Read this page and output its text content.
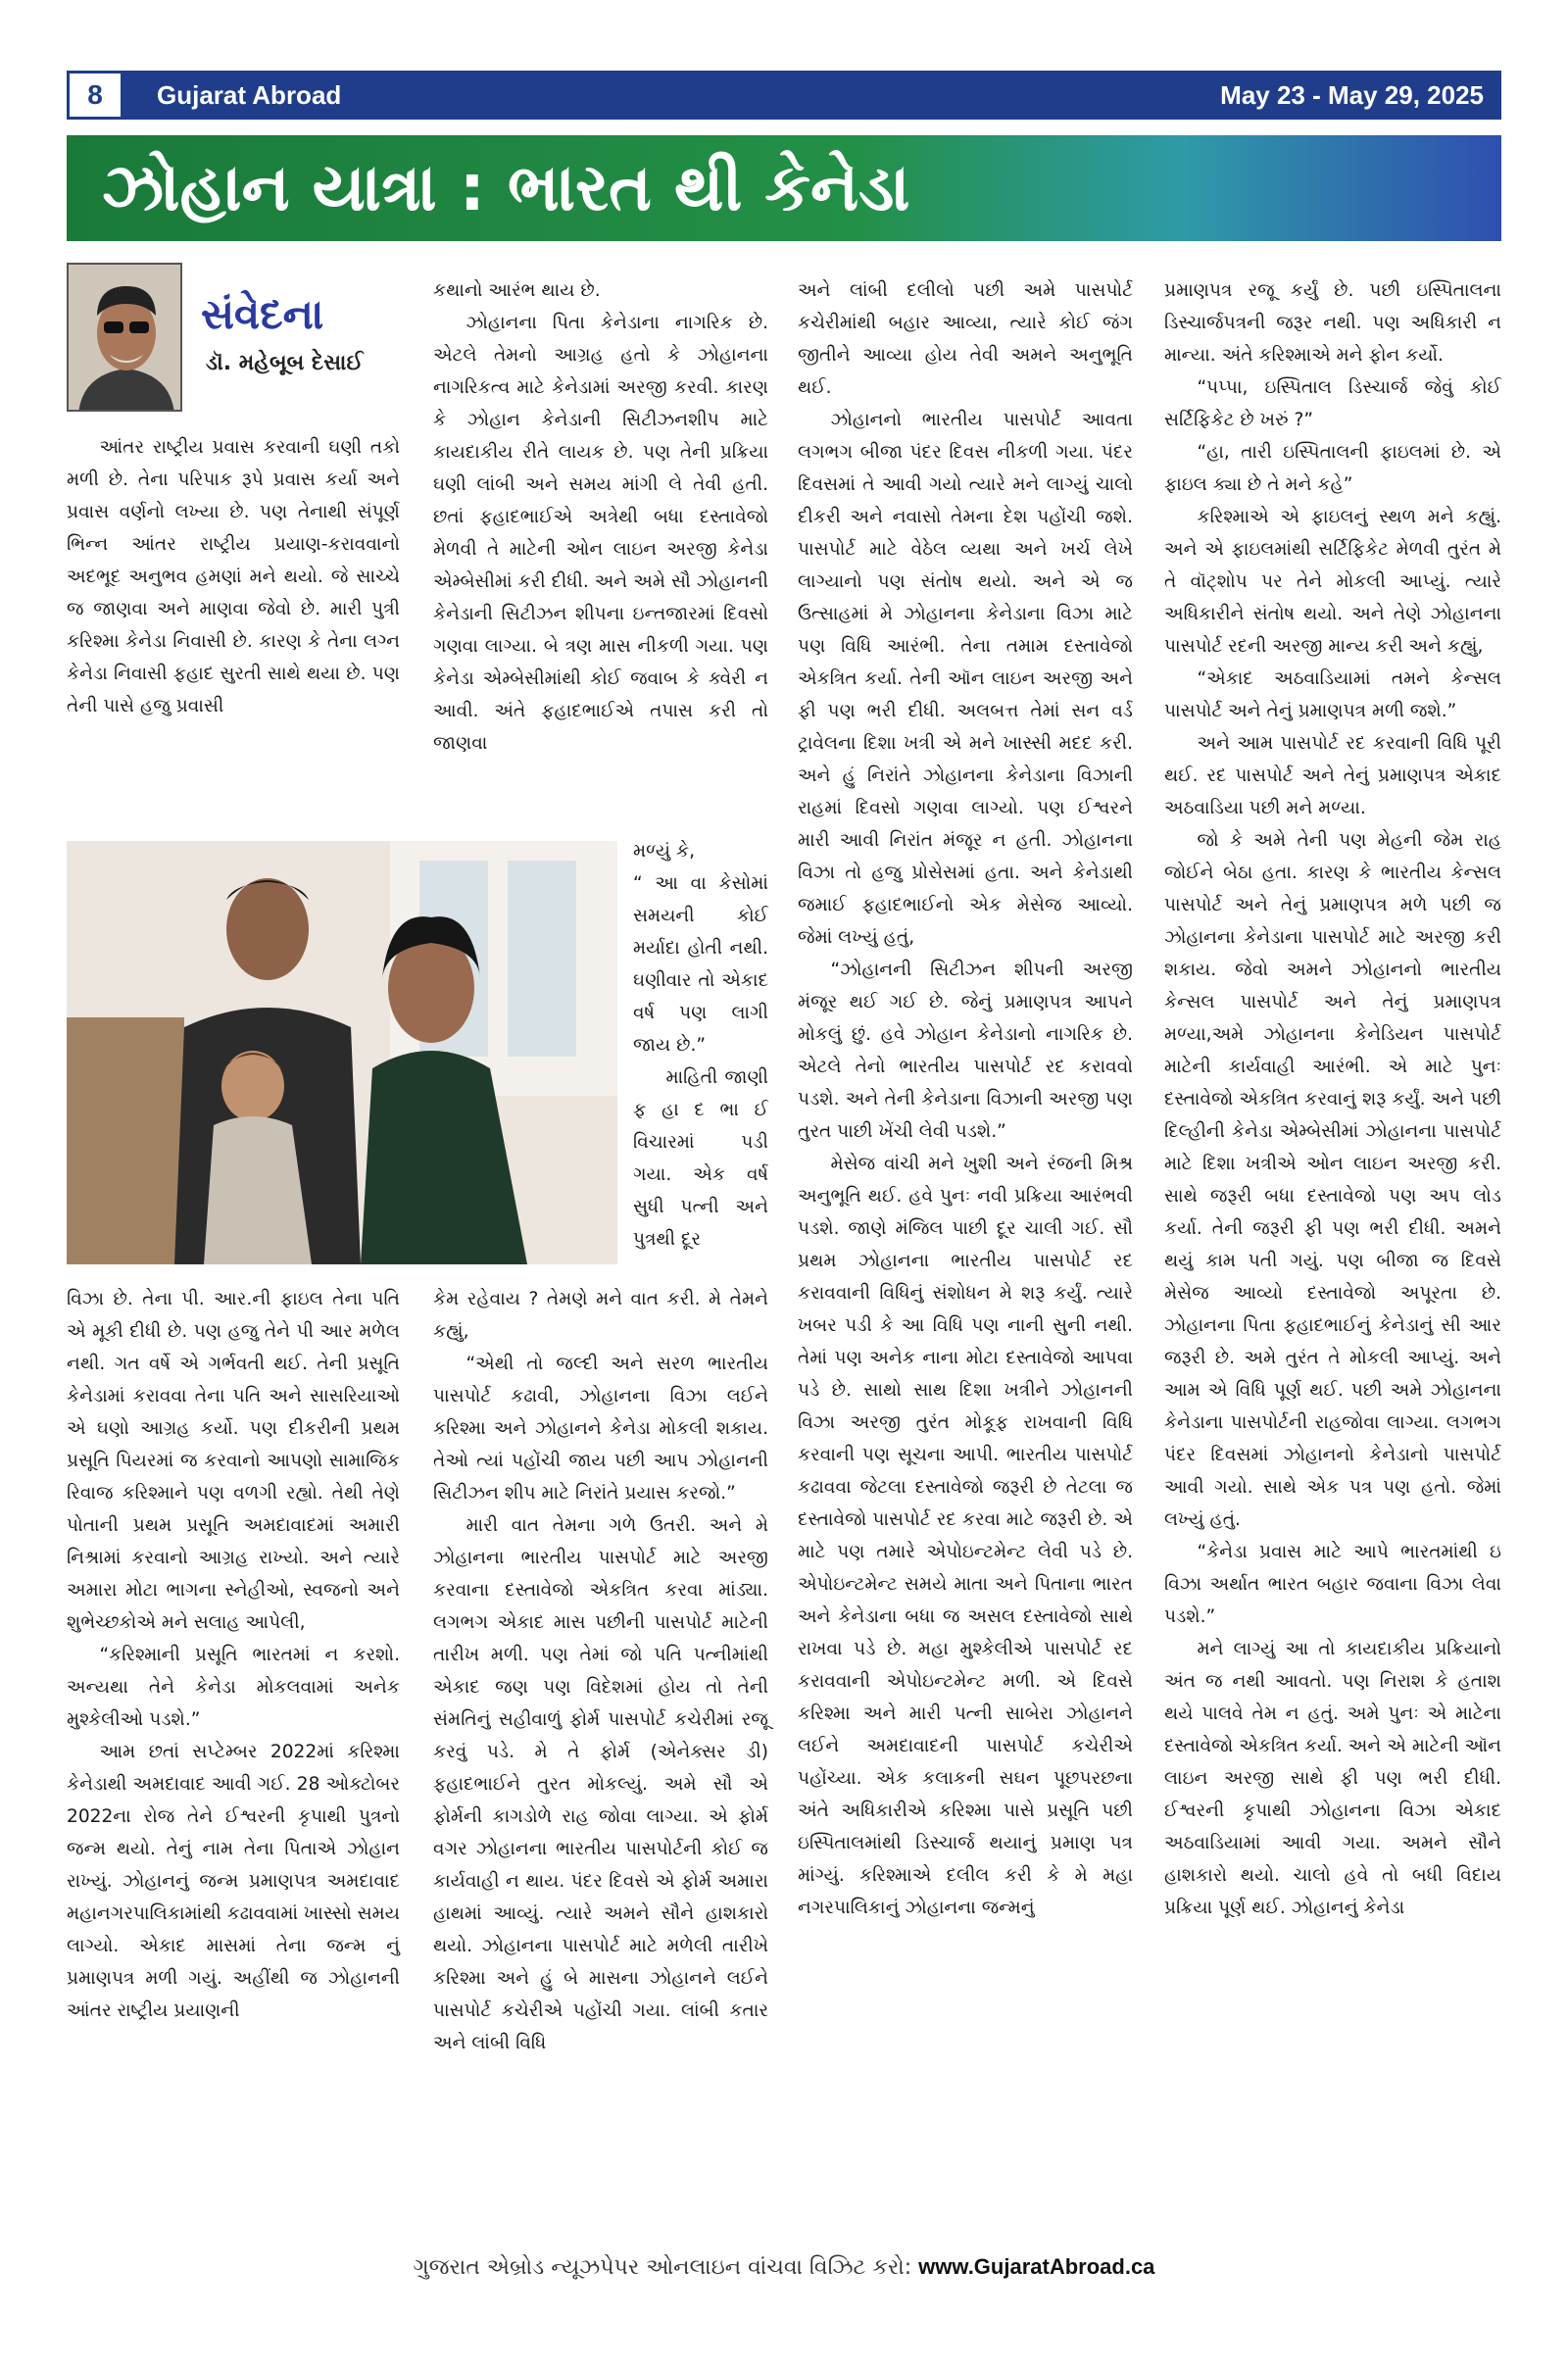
8	Gujarat Abroad	May 23 - May 29, 2025
ઝોહાન યાત્રા : ભારત થી કેનેડા
સંવેદના
ડૉ. મહેબૂબ દેસાઈ

આંતર રાષ્ટ્રીય પ્રવાસ કરવાની ઘણી તકો મળી છે. તેના પરિપાક રૂપે પ્રવાસ કર્યા અને પ્રવાસ વર્ણનો લખ્યા છે. પણ તેનાથી સંપૂર્ણ ભિન્ન આંતર રાષ્ટ્રીય પ્રયાણ-કરાવવાનો અદભૂદ અનુભવ હમણાં મને થયો. જે સાચ્ચે જ જાણવા અને માણવા જેવો છે. મારી પુત્રી કરિશ્મા કેનેડા નિવાસી છે. કારણ કે તેના લગ્ન કેનેડા નિવાસી ફહાદ સુરતી સાથે થયા છે. પણ તેની પાસે હજુ પ્રવાસી

વિઝા છે. તેના પી. આર.ની ફાઇલ તેના પતિ એ મૂકી દીધી છે. પણ હજુ તેને પી આર મળેલ નથી. ગત વર્ષે એ ગર્ભવતી થઈ. તેની પ્રસૂતિ કેનેડામાં કરાવવા તેના પતિ અને સાસરિયાઓ એ ઘણો આગ્રહ કર્યો. પણ દીકરીની પ્રથમ પ્રસૂતિ પિયરમાં જ કરવાનો આપણો સામાજિક રિવાજ કરિશ્માને પણ વળગી રહ્યો. તેથી તેણે પોતાની પ્રથમ પ્રસૂતિ અમદાવાદમાં અમારી નિશ્રામાં કરવાનો આગ્રહ રાખ્યો. અને ત્યારે અમારા મોટા ભાગના સ્નેહીઓ, સ્વજનો અને શુભેચ્છકોએ મને સલાહ આપેલી,

“કરિશ્માની પ્રસૂતિ ભારતમાં ન કરશો. અન્યથા તેને કેનેડા મોકલવામાં અનેક મુશ્કેલીઓ પડશે.”

આમ છતાં સપ્ટેમ્બર 2022માં કરિશ્મા કેનેડાથી અમદાવાદ આવી ગઈ. 28 ઓક્ટોબર 2022ના રોજ તેને ઈશ્વરની કૃપાથી પુત્રનો જન્મ થયો. તેનું નામ તેના પિતાએ ઝોહાન રાખ્યું. ઝોહાનનું જન્મ પ્રમાણપત્ર અમદાવાદ મહાનગરપાલિકામાંથી કઢાવવામાં ખાસ્સો સમય લાગ્યો. એકાદ માસમાં તેના જન્મ નું પ્રમાણપત્ર મળી ગયું. અહીંથી જ ઝોહાનની આંતર રાષ્ટ્રીય પ્રયાણની

કથાનો આરંભ થાય છે.

ઝોહાનના પિતા કેનેડાના નાગરિક છે. એટલે તેમનો આગ્રહ હતો કે ઝોહાનના નાગરિકત્વ માટે કેનેડામાં અરજી કરવી. કારણ કે ઝોહાન કેનેડાની સિટીઝનશીપ માટે કાયદાકીય રીતે લાયક છે. પણ તેની પ્રક્રિયા ઘણી લાંબી અને સમય માંગી લે તેવી હતી. છતાં ફહાદભાઈએ અત્રેથી બધા દસ્તાવેજો મેળવી તે માટેની ઓન લાઇન અરજી કેનેડા એમ્બેસીમાં કરી દીધી. અને અમે સૌ ઝોહાનની કેનેડાની સિટીઝન શીપના ઇન્તજારમાં દિવસો ગણવા લાગ્યા. બે ત્રણ માસ નીકળી ગયા. પણ કેનેડા એમ્બેસીમાંથી કોઈ જવાબ કે ક્વેરી ન આવી. અંતે ફહાદભાઈએ તપાસ કરી તો જાણવા

મળ્યું કે,

“ આ વા કેસોમાં સમયની કોઈ મર્યાદા હોતી નથી. ઘણીવાર તો એકાદ વર્ષ પણ લાગી જાય છે.”

માહિતી જાણી ફ હા દ ભા ઈ વિચારમાં પડી ગયા. એક વર્ષ સુધી પત્ની અને પુત્રથી દૂર

કેમ રહેવાય ? તેમણે મને વાત કરી. મે તેમને કહ્યું,

“એથી તો જલ્દી અને સરળ ભારતીય પાસપોર્ટ કઢાવી, ઝોહાનના વિઝા લઈને કરિશ્મા અને ઝોહાનને કેનેડા મોકલી શકાય. તેઓ ત્યાં પહોંચી જાય પછી આપ ઝોહાનની સિટીઝન શીપ માટે નિરાંતે પ્રયાસ કરજો.”

મારી વાત તેમના ગળે ઉતરી. અને મે ઝોહાનના ભારતીય પાસપોર્ટ માટે અરજી કરવાના દસ્તાવેજો એકત્રિત કરવા માંડ્યા. લગભગ એકાદ માસ પછીની પાસપોર્ટ માટેની તારીખ મળી. પણ તેમાં જો પતિ પત્નીમાંથી એકાદ જણ પણ વિદેશમાં હોય તો તેની સંમતિનું સહીવાળું ફોર્મ પાસપોર્ટ કચેરીમાં રજૂ કરવું પડે. મે તે ફોર્મ (એનેક્સર ડી) ફહાદભાઈને તુરત મોકલ્યું. અમે સૌ એ ફોર્મની કાગડોળે રાહ જોવા લાગ્યા. એ ફોર્મ વગર ઝોહાનના ભારતીય પાસપોર્ટની કોઈ જ કાર્યવાહી ન થાય. પંદર દિવસે એ ફોર્મ અમારા હાથમાં આવ્યું. ત્યારે અમને સૌને હાશકારો થયો. ઝોહાનના પાસપોર્ટ માટે મળેલી તારીખે કરિશ્મા અને હું બે માસના ઝોહાનને લઈને પાસપોર્ટ કચેરીએ પહોંચી ગયા. લાંબી કતાર અને લાંબી વિધિ

અને લાંબી દલીલો પછી અમે પાસપોર્ટ કચેરીમાંથી બહાર આવ્યા, ત્યારે કોઈ જંગ જીતીને આવ્યા હોય તેવી અમને અનુભૂતિ થઈ.

ઝોહાનનો ભારતીય પાસપોર્ટ આવતા લગભગ બીજા પંદર દિવસ નીકળી ગયા. પંદર દિવસમાં તે આવી ગયો ત્યારે મને લાગ્યું ચાલો દીકરી અને નવાસો તેમના દેશ પહોંચી જશે. પાસપોર્ટ માટે વેઠેલ વ્યથા અને ખર્ચ લેખે લાગ્યાનો પણ સંતોષ થયો. અને એ જ ઉત્સાહમાં મે ઝોહાનના કેનેડાના વિઝા માટે પણ વિધિ આરંભી. તેના તમામ દસ્તાવેજો એકત્રિત કર્યા. તેની ઑન લાઇન અરજી અને ફી પણ ભરી દીધી. અલબત્ત તેમાં સન વર્ડ ટ્રાવેલના દિશા ખત્રી એ મને ખાસ્સી મદદ કરી. અને હું નિરાંતે ઝોહાનના કેનેડાના વિઝાની રાહમાં દિવસો ગણવા લાગ્યો. પણ ઈશ્વરને મારી આવી નિરાંત મંજૂર ન હતી. ઝોહાનના વિઝા તો હજુ પ્રોસેસમાં હતા. અને કેનેડાથી જમાઈ ફહાદભાઈનો એક મેસેજ આવ્યો. જેમાં લખ્યું હતું,

“ઝોહાનની સિટીઝન શીપની અરજી મંજૂર થઈ ગઈ છે. જેનું પ્રમાણપત્ર આપને મોકલું છું. હવે ઝોહાન કેનેડાનો નાગરિક છે. એટલે તેનો ભારતીય પાસપોર્ટ રદ કરાવવો પડશે. અને તેની કેનેડાના વિઝાની અરજી પણ તુરત પાછી ખેંચી લેવી પડશે.”

મેસેજ વાંચી મને ખુશી અને રંજની મિશ્ર અનુભૂતિ થઈ. હવે પુનઃ નવી પ્રક્રિયા આરંભવી પડશે. જાણે મંજિલ પાછી દૂર ચાલી ગઈ. સૌ પ્રથમ ઝોહાનના ભારતીય પાસપોર્ટ રદ કરાવવાની વિધિનું સંશોધન મે શરૂ કર્યું. ત્યારે ખબર પડી કે આ વિધિ પણ નાની સુની નથી. તેમાં પણ અનેક નાના મોટા દસ્તાવેજો આપવા પડે છે. સાથો સાથ દિશા ખત્રીને ઝોહાનની વિઝા અરજી તુરંત મોકૂફ રાખવાની વિધિ કરવાની પણ સૂચના આપી. ભારતીય પાસપોર્ટ કઢાવવા જેટલા દસ્તાવેજો જરૂરી છે તેટલા જ દસ્તાવેજો પાસપોર્ટ રદ કરવા માટે જરૂરી છે. એ માટે પણ તમારે એપોઇન્ટમેન્ટ લેવી પડે છે. એપોઇન્ટમેન્ટ સમયે માતા અને પિતાના ભારત અને કેનેડાના બધા જ અસલ દસ્તાવેજો સાથે રાખવા પડે છે. મહા મુશ્કેલીએ પાસપોર્ટ રદ કરાવવાની એપોઇન્ટમેન્ટ મળી. એ દિવસે કરિશ્મા અને મારી પત્ની સાબેરા ઝોહાનને લઈને અમદાવાદની પાસપોર્ટ કચેરીએ પહોંચ્યા. એક કલાકની સઘન પૂછપરછના અંતે અધિકારીએ કરિશ્મા પાસે પ્રસૂતિ પછી ઇસ્પિતાલમાંથી ડિસ્ચાર્જ થયાનું પ્રમાણ પત્ર માંગ્યું. કરિશ્માએ દલીલ કરી કે મે મહા નગરપાલિકાનું ઝોહાનના જન્મનું

પ્રમાણપત્ર રજૂ કર્યું છે. પછી ઇસ્પિતાલના ડિસ્ચાર્જપત્રની જરૂર નથી. પણ અધિકારી ન માન્યા. અંતે કરિશ્માએ મને ફોન કર્યો.

“પપ્પા, ઇસ્પિતાલ ડિસ્ચાર્જ જેવું કોઈ સર્ટિફિકેટ છે ખરું ?”

“હા, તારી ઇસ્પિતાલની ફાઇલમાં છે. એ ફાઇલ ક્યા છે તે મને કહે”

કરિશ્માએ એ ફાઇલનું સ્થળ મને કહ્યું. અને એ ફાઇલમાંથી સર્ટિફિકેટ મેળવી તુરંત મે તે વૉટ્શોપ પર તેને મોકલી આપ્યું. ત્યારે અધિકારીને સંતોષ થયો. અને તેણે ઝોહાનના પાસપોર્ટ રદની અરજી માન્ય કરી અને કહ્યું,

“એકાદ અઠવાડિયામાં તમને કેન્સલ પાસપોર્ટ અને તેનું પ્રમાણપત્ર મળી જશે.”

અને આમ પાસપોર્ટ રદ કરવાની વિધિ પૂરી થઈ. રદ પાસપોર્ટ અને તેનું પ્રમાણપત્ર એકાદ અઠવાડિયા પછી મને મળ્યા.

જો કે અમે તેની પણ મેહની જેમ રાહ જોઈને બેઠા હતા. કારણ કે ભારતીય કેન્સલ પાસપોર્ટ અને તેનું પ્રમાણપત્ર મળે પછી જ ઝોહાનના કેનેડાના પાસપોર્ટ માટે અરજી કરી શકાય. જેવો અમને ઝોહાનનો ભારતીય કેન્સલ પાસપોર્ટ અને તેનું પ્રમાણપત્ર મળ્યા,અમે ઝોહાનના કેનેડિયન પાસપોર્ટ માટેની કાર્યવાહી આરંભી. એ માટે પુનઃ દસ્તાવેજો એકત્રિત કરવાનું શરૂ કર્યું. અને પછી દિલ્હીની કેનેડા એમ્બેસીમાં ઝોહાનના પાસપોર્ટ માટે દિશા ખત્રીએ ઓન લાઇન અરજી કરી. સાથે જરૂરી બધા દસ્તાવેજો પણ અપ લોડ કર્યા. તેની જરૂરી ફી પણ ભરી દીધી. અમને થયું કામ પતી ગયું. પણ બીજા જ દિવસે મેસેજ આવ્યો દસ્તાવેજો અપૂરતા છે. ઝોહાનના પિતા ફહાદભાઈનું કેનેડાનું સી આર જરૂરી છે. અમે તુરંત તે મોકલી આપ્યું. અને આમ એ વિધિ પૂર્ણ થઈ. પછી અમે ઝોહાનના કેનેડાના પાસપોર્ટની રાહજોવા લાગ્યા. લગભગ પંદર દિવસમાં ઝોહાનનો કેનેડાનો પાસપોર્ટ આવી ગયો. સાથે એક પત્ર પણ હતો. જેમાં લખ્યું હતું.

“કેનેડા પ્રવાસ માટે આપે ભારતમાંથી ઇ વિઝા અર્થાત ભારત બહાર જવાના વિઝા લેવા પડશે.”

મને લાગ્યું આ તો કાયદાકીય પ્રક્રિયાનો અંત જ નથી આવતો. પણ નિરાશ કે હતાશ થયે પાલવે તેમ ન હતું. અમે પુનઃ એ માટેના દસ્તાવેજો એકત્રિત કર્યા. અને એ માટેની ઑન લાઇન અરજી સાથે ફી પણ ભરી દીધી. ઈશ્વરની કૃપાથી ઝોહાનના વિઝા એકાદ અઠવાડિયામાં આવી ગયા. અમને સૌને હાશકારો થયો. ચાલો હવે તો બધી વિદાય પ્રક્રિયા પૂર્ણ થઈ. ઝોહાનનું કેનેડા

ગુજરાત એબ્રોડ ન્યૂઝપેપર ઓનલાઇન વાંચવા વિઝિટ કરો: www.GujaratAbroad.ca
